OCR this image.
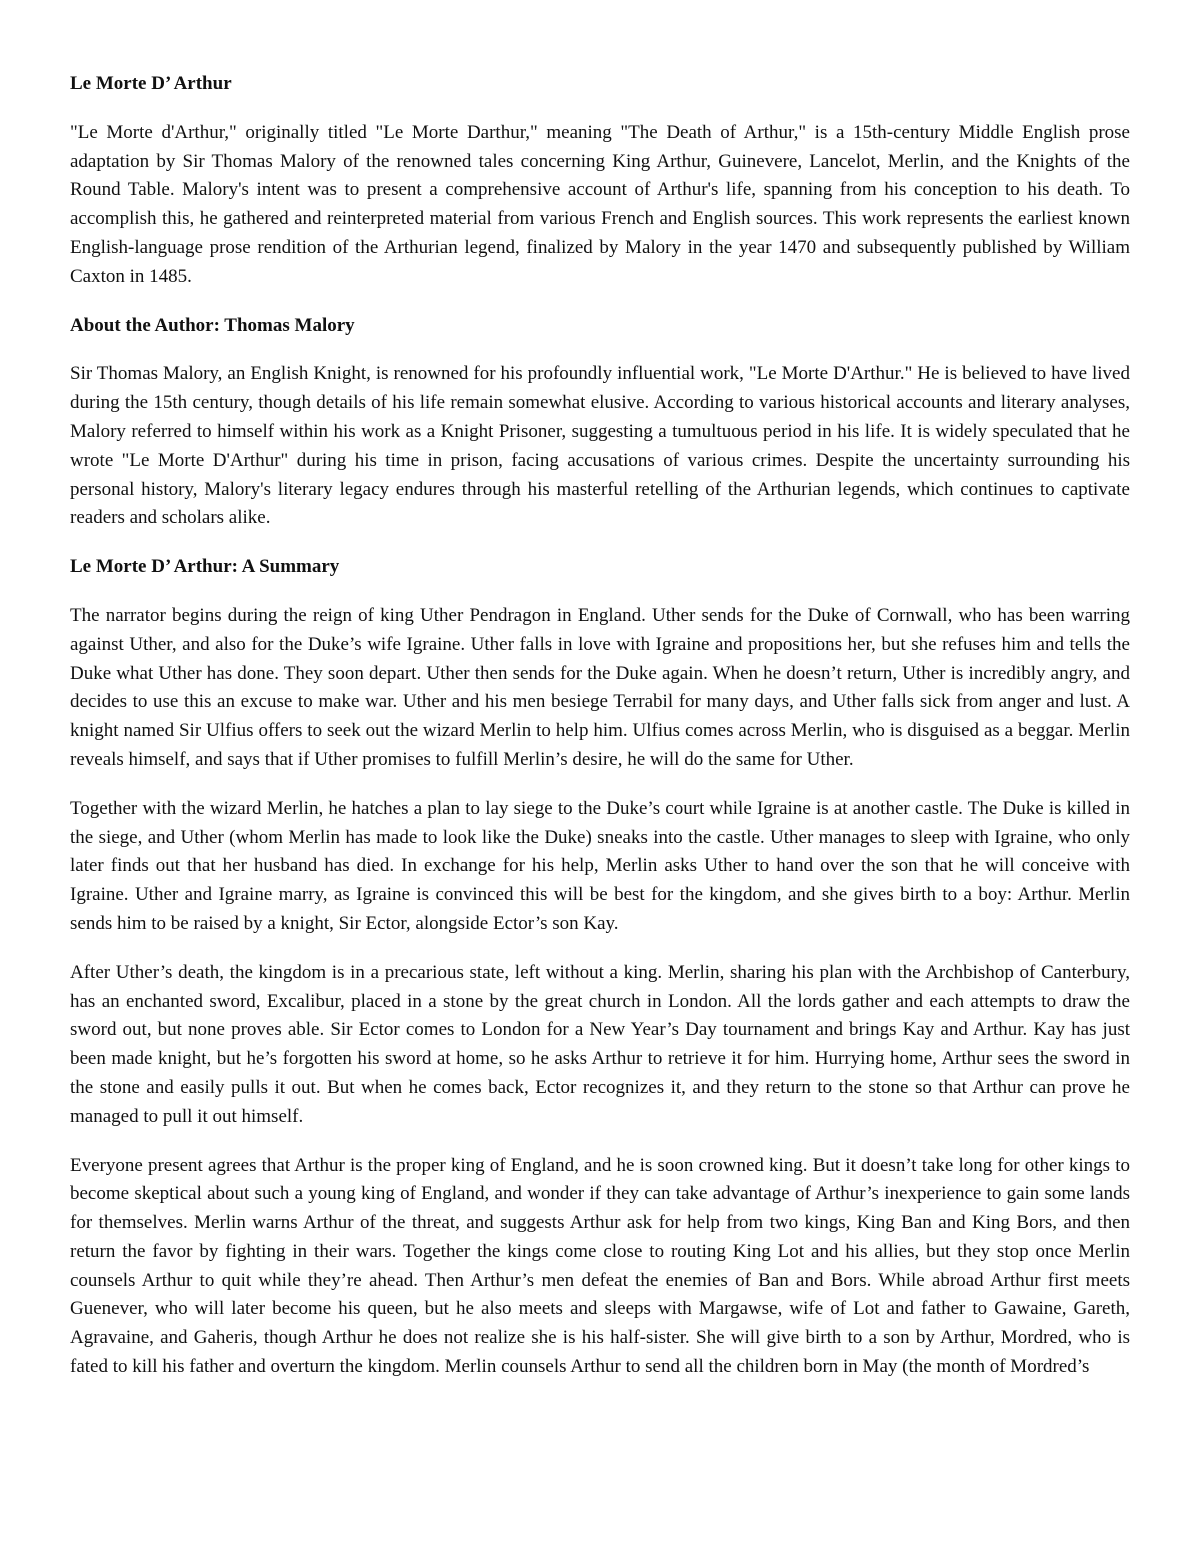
Le Morte D’ Arthur

"Le Morte d'Arthur," originally titled "Le Morte Darthur," meaning "The Death of Arthur," is a 15th-century Middle English prose adaptation by Sir Thomas Malory of the renowned tales concerning King Arthur, Guinevere, Lancelot, Merlin, and the Knights of the Round Table. Malory's intent was to present a comprehensive account of Arthur's life, spanning from his conception to his death. To accomplish this, he gathered and reinterpreted material from various French and English sources. This work represents the earliest known English-language prose rendition of the Arthurian legend, finalized by Malory in the year 1470 and subsequently published by William Caxton in 1485.

About the Author: Thomas Malory

Sir Thomas Malory, an English Knight, is renowned for his profoundly influential work, "Le Morte D'Arthur." He is believed to have lived during the 15th century, though details of his life remain somewhat elusive. According to various historical accounts and literary analyses, Malory referred to himself within his work as a Knight Prisoner, suggesting a tumultuous period in his life. It is widely speculated that he wrote "Le Morte D'Arthur" during his time in prison, facing accusations of various crimes. Despite the uncertainty surrounding his personal history, Malory's literary legacy endures through his masterful retelling of the Arthurian legends, which continues to captivate readers and scholars alike.

Le Morte D’ Arthur: A Summary

The narrator begins during the reign of king Uther Pendragon in England. Uther sends for the Duke of Cornwall, who has been warring against Uther, and also for the Duke’s wife Igraine. Uther falls in love with Igraine and propositions her, but she refuses him and tells the Duke what Uther has done. They soon depart. Uther then sends for the Duke again. When he doesn’t return, Uther is incredibly angry, and decides to use this an excuse to make war. Uther and his men besiege Terrabil for many days, and Uther falls sick from anger and lust. A knight named Sir Ulfius offers to seek out the wizard Merlin to help him. Ulfius comes across Merlin, who is disguised as a beggar. Merlin reveals himself, and says that if Uther promises to fulfill Merlin’s desire, he will do the same for Uther.

Together with the wizard Merlin, he hatches a plan to lay siege to the Duke’s court while Igraine is at another castle. The Duke is killed in the siege, and Uther (whom Merlin has made to look like the Duke) sneaks into the castle. Uther manages to sleep with Igraine, who only later finds out that her husband has died. In exchange for his help, Merlin asks Uther to hand over the son that he will conceive with Igraine. Uther and Igraine marry, as Igraine is convinced this will be best for the kingdom, and she gives birth to a boy: Arthur. Merlin sends him to be raised by a knight, Sir Ector, alongside Ector’s son Kay.

After Uther’s death, the kingdom is in a precarious state, left without a king. Merlin, sharing his plan with the Archbishop of Canterbury, has an enchanted sword, Excalibur, placed in a stone by the great church in London. All the lords gather and each attempts to draw the sword out, but none proves able. Sir Ector comes to London for a New Year’s Day tournament and brings Kay and Arthur. Kay has just been made knight, but he’s forgotten his sword at home, so he asks Arthur to retrieve it for him. Hurrying home, Arthur sees the sword in the stone and easily pulls it out. But when he comes back, Ector recognizes it, and they return to the stone so that Arthur can prove he managed to pull it out himself.

Everyone present agrees that Arthur is the proper king of England, and he is soon crowned king. But it doesn’t take long for other kings to become skeptical about such a young king of England, and wonder if they can take advantage of Arthur’s inexperience to gain some lands for themselves. Merlin warns Arthur of the threat, and suggests Arthur ask for help from two kings, King Ban and King Bors, and then return the favor by fighting in their wars. Together the kings come close to routing King Lot and his allies, but they stop once Merlin counsels Arthur to quit while they’re ahead. Then Arthur’s men defeat the enemies of Ban and Bors. While abroad Arthur first meets Guenever, who will later become his queen, but he also meets and sleeps with Margawse, wife of Lot and father to Gawaine, Gareth, Agravaine, and Gaheris, though Arthur he does not realize she is his half-sister. She will give birth to a son by Arthur, Mordred, who is fated to kill his father and overturn the kingdom. Merlin counsels Arthur to send all the children born in May (the month of Mordred’s
